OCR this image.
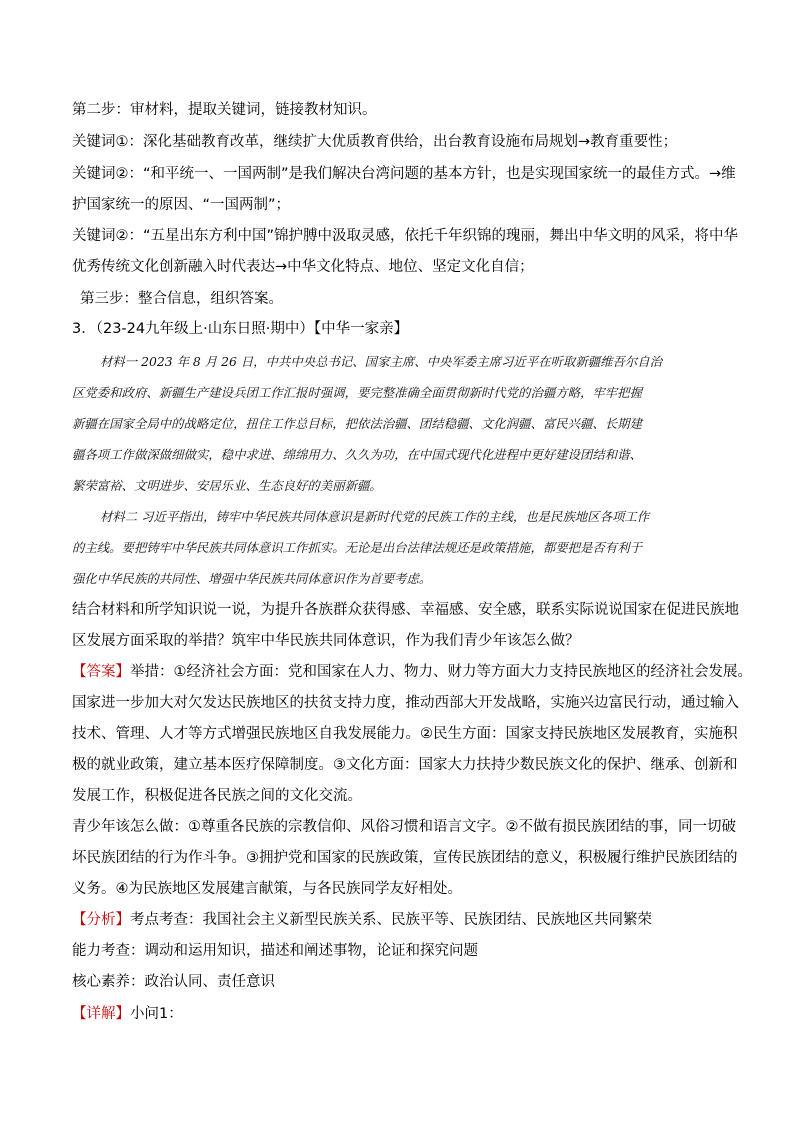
第二步：审材料，提取关键词，链接教材知识。
关键词①：深化基础教育改革，继续扩大优质教育供给，出台教育设施布局规划→教育重要性；
关键词②：“和平统一、一国两制”是我们解决台湾问题的基本方针，也是实现国家统一的最佳方式。→维
护国家统一的原因、“一国两制”；
关键词②：“五星出东方利中国”锦护膊中汲取灵感，依托千年织锦的瑰丽，舞出中华文明的风采，将中华
优秀传统文化创新融入时代表达→中华文化特点、地位、坚定文化自信；
第三步：整合信息，组织答案。
3．（23-24九年级上·山东日照·期中）【中华一家亲】
材料一 2023 年 8 月 26 日，中共中央总书记、国家主席、中央军委主席习近平在听取新疆维吾尔自治
区党委和政府、新疆生产建设兵团工作汇报时强调，要完整准确全面贯彻新时代党的治疆方略，牢牢把握
新疆在国家全局中的战略定位，扭住工作总目标，把依法治疆、团结稳疆、文化润疆、富民兴疆、长期建
疆各项工作做深做细做实，稳中求进、绵绵用力、久久为功，在中国式现代化进程中更好建设团结和谐、
繁荣富裕、文明进步、安居乐业、生态良好的美丽新疆。
材料二 习近平指出，铸牢中华民族共同体意识是新时代党的民族工作的主线，也是民族地区各项工作
的主线。要把铸牢中华民族共同体意识工作抓实。无论是出台法律法规还是政策措施，都要把是否有利于
强化中华民族的共同性、增强中华民族共同体意识作为首要考虑。
结合材料和所学知识说一说，为提升各族群众获得感、幸福感、安全感，联系实际说说国家在促进民族地
区发展方面采取的举措？筑牢中华民族共同体意识，作为我们青少年该怎么做？
【答案】举措：①经济社会方面：党和国家在人力、物力、财力等方面大力支持民族地区的经济社会发展。
国家进一步加大对欠发达民族地区的扶贫支持力度，推动西部大开发战略，实施兴边富民行动，通过输入
技术、管理、人才等方式增强民族地区自我发展能力。②民生方面：国家支持民族地区发展教育，实施积
极的就业政策，建立基本医疗保障制度。③文化方面：国家大力扶持少数民族文化的保护、继承、创新和
发展工作，积极促进各民族之间的文化交流。
青少年该怎么做：①尊重各民族的宗教信仰、风俗习惯和语言文字。②不做有损民族团结的事，同一切破
坏民族团结的行为作斗争。③拥护党和国家的民族政策，宣传民族团结的意义，积极履行维护民族团结的
义务。④为民族地区发展建言献策，与各民族同学友好相处。
【分析】考点考查：我国社会主义新型民族关系、民族平等、民族团结、民族地区共同繁荣
能力考查：调动和运用知识，描述和阐述事物，论证和探究问题
核心素养：政治认同、责任意识
【详解】小问1：
